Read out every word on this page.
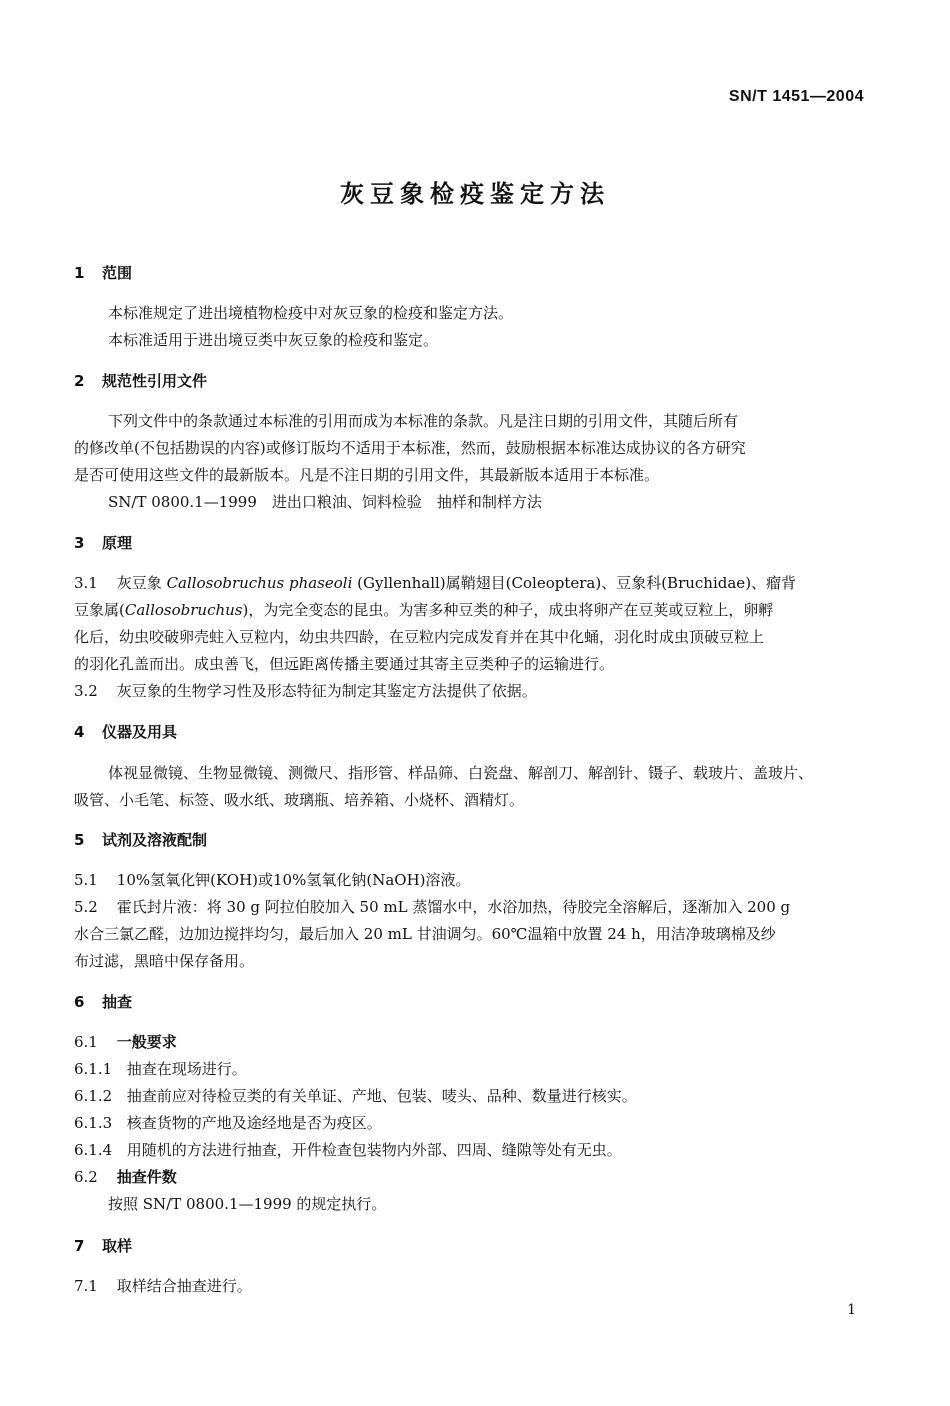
SN/T 1451—2004
灰豆象检疫鉴定方法
1 范围
本标准规定了进出境植物检疫中对灰豆象的检疫和鉴定方法。
本标准适用于进出境豆类中灰豆象的检疫和鉴定。
2 规范性引用文件
下列文件中的条款通过本标准的引用而成为本标准的条款。凡是注日期的引用文件，其随后所有
的修改单(不包括勘误的内容)或修订版均不适用于本标准，然而，鼓励根据本标准达成协议的各方研究
是否可使用这些文件的最新版本。凡是不注日期的引用文件，其最新版本适用于本标准。
SN/T 0800.1—1999　进出口粮油、饲料检验　抽样和制样方法
3 原理
3.1 灰豆象 Callosobruchus phaseoli (Gyllenhall)属鞘翅目(Coleoptera)、豆象科(Bruchidae)、瘤背
豆象属(Callosobruchus)，为完全变态的昆虫。为害多种豆类的种子，成虫将卵产在豆荚或豆粒上，卵孵
化后，幼虫咬破卵壳蛀入豆粒内，幼虫共四龄，在豆粒内完成发育并在其中化蛹，羽化时成虫顶破豆粒上
的羽化孔盖而出。成虫善飞，但远距离传播主要通过其寄主豆类种子的运输进行。
3.2 灰豆象的生物学习性及形态特征为制定其鉴定方法提供了依据。
4 仪器及用具
体视显微镜、生物显微镜、测微尺、指形管、样品筛、白瓷盘、解剖刀、解剖针、镊子、载玻片、盖玻片、
吸管、小毛笔、标签、吸水纸、玻璃瓶、培养箱、小烧杯、酒精灯。
5 试剂及溶液配制
5.1 10%氢氧化钾(KOH)或10%氢氧化钠(NaOH)溶液。
5.2 霍氏封片液：将 30 g 阿拉伯胶加入 50 mL 蒸馏水中，水浴加热，待胶完全溶解后，逐渐加入 200 g
水合三氯乙醛，边加边搅拌均匀，最后加入 20 mL 甘油调匀。60℃温箱中放置 24 h，用洁净玻璃棉及纱
布过滤，黑暗中保存备用。
6 抽查
6.1 一般要求
6.1.1 抽查在现场进行。
6.1.2 抽查前应对待检豆类的有关单证、产地、包装、唛头、品种、数量进行核实。
6.1.3 核查货物的产地及途经地是否为疫区。
6.1.4 用随机的方法进行抽查，开件检查包装物内外部、四周、缝隙等处有无虫。
6.2 抽查件数
按照 SN/T 0800.1—1999 的规定执行。
7 取样
7.1 取样结合抽查进行。
1
